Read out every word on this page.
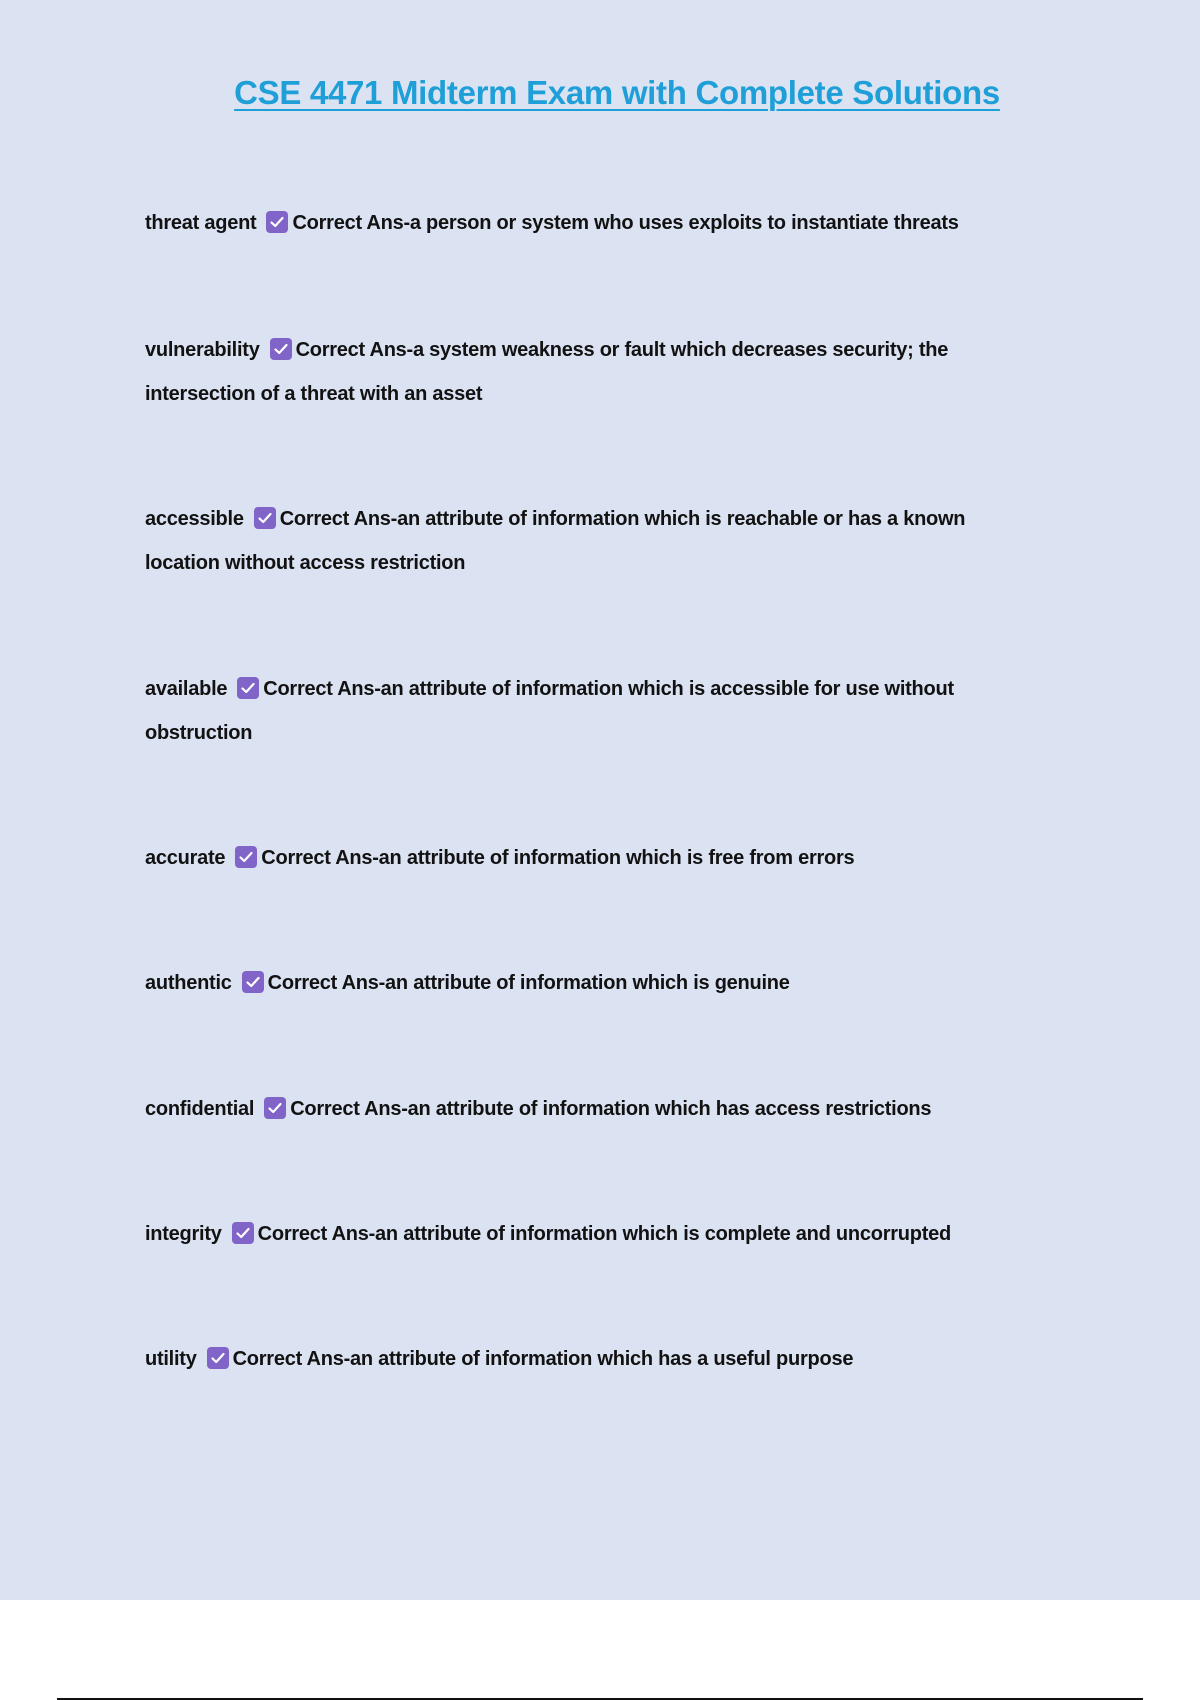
CSE 4471 Midterm Exam with Complete Solutions
threat agent Correct Ans-a person or system who uses exploits to instantiate threats
vulnerability Correct Ans-a system weakness or fault which decreases security; the intersection of a threat with an asset
accessible Correct Ans-an attribute of information which is reachable or has a known location without access restriction
available Correct Ans-an attribute of information which is accessible for use without obstruction
accurate Correct Ans-an attribute of information which is free from errors
authentic Correct Ans-an attribute of information which is genuine
confidential Correct Ans-an attribute of information which has access restrictions
integrity Correct Ans-an attribute of information which is complete and uncorrupted
utility Correct Ans-an attribute of information which has a useful purpose
